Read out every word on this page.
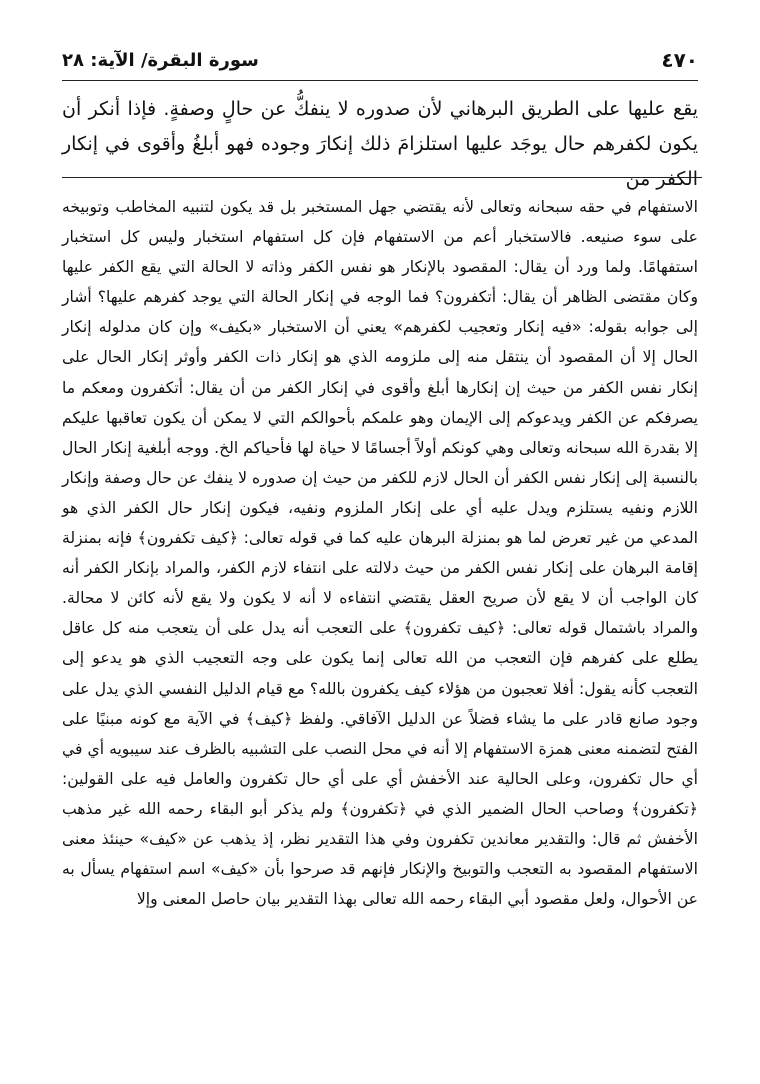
٤٧٠
سورة البقرة/ الآية: ٢٨

يقع عليها على الطريق البرهاني لأن صدوره لا ينفكُّ عن حالٍ وصفةٍ. فإذا أنكر أن يكون لكفرهم حال يوجَد عليها استلزامَ ذلك إنكارَ وجوده فهو أبلغُ وأقوى في إنكار الكفر من

الاستفهام في حقه سبحانه وتعالى لأنه يقتضي جهل المستخبر بل قد يكون لتنبيه المخاطب وتوبيخه على سوء صنيعه. فالاستخبار أعم من الاستفهام فإن كل استفهام استخبار وليس كل استخبار استفهامًا. ولما ورد أن يقال: المقصود بالإنكار هو نفس الكفر وذاته لا الحالة التي يقع الكفر عليها وكان مقتضى الظاهر أن يقال: أتكفرون؟ فما الوجه في إنكار الحالة التي يوجد كفرهم عليها؟ أشار إلى جوابه بقوله: «فيه إنكار وتعجيب لكفرهم» يعني أن الاستخبار «بكيف» وإن كان مدلوله إنكار الحال إلا أن المقصود أن ينتقل منه إلى ملزومه الذي هو إنكار ذات الكفر وأوثر إنكار الحال على إنكار نفس الكفر من حيث إن إنكارها أبلغ وأقوى في إنكار الكفر من أن يقال: أتكفرون ومعكم ما يصرفكم عن الكفر ويدعوكم إلى الإيمان وهو علمكم بأحوالكم التي لا يمكن أن يكون تعاقبها عليكم إلا بقدرة الله سبحانه وتعالى وهي كونكم أولاً أجسامًا لا حياة لها فأحياكم الخ. ووجه أبلغية إنكار الحال بالنسبة إلى إنكار نفس الكفر أن الحال لازم للكفر من حيث إن صدوره لا ينفك عن حال وصفة وإنكار اللازم ونفيه يستلزم ويدل عليه أي على إنكار الملزوم ونفيه، فيكون إنكار حال الكفر الذي هو المدعي من غير تعرض لما هو بمنزلة البرهان عليه كما في قوله تعالى: ﴿كيف تكفرون﴾ فإنه بمنزلة إقامة البرهان على إنكار نفس الكفر من حيث دلالته على انتفاء لازم الكفر، والمراد بإنكار الكفر أنه كان الواجب أن لا يقع لأن صريح العقل يقتضي انتفاءه لا أنه لا يكون ولا يقع لأنه كائن لا محالة. والمراد باشتمال قوله تعالى: ﴿كيف تكفرون﴾ على التعجب أنه يدل على أن يتعجب منه كل عاقل يطلع على كفرهم فإن التعجب من الله تعالى إنما يكون على وجه التعجيب الذي هو يدعو إلى التعجب كأنه يقول: أفلا تعجبون من هؤلاء كيف يكفرون بالله؟ مع قيام الدليل النفسي الذي يدل على وجود صانع قادر على ما يشاء فضلاً عن الدليل الآفاقي. ولفظ ﴿كيف﴾ في الآية مع كونه مبنيًا على الفتح لتضمنه معنى همزة الاستفهام إلا أنه في محل النصب على التشبيه بالظرف عند سيبويه أي في أي حال تكفرون، وعلى الحالية عند الأخفش أي على أي حال تكفرون والعامل فيه على القولين: ﴿تكفرون﴾ وصاحب الحال الضمير الذي في ﴿تكفرون﴾ ولم يذكر أبو البقاء رحمه الله غير مذهب الأخفش ثم قال: والتقدير معاندين تكفرون وفي هذا التقدير نظر، إذ يذهب عن «كيف» حينئذ معنى الاستفهام المقصود به التعجب والتوبيخ والإنكار فإنهم قد صرحوا بأن «كيف» اسم استفهام يسأل به عن الأحوال، ولعل مقصود أبي البقاء رحمه الله تعالى بهذا التقدير بيان حاصل المعنى وإلا
